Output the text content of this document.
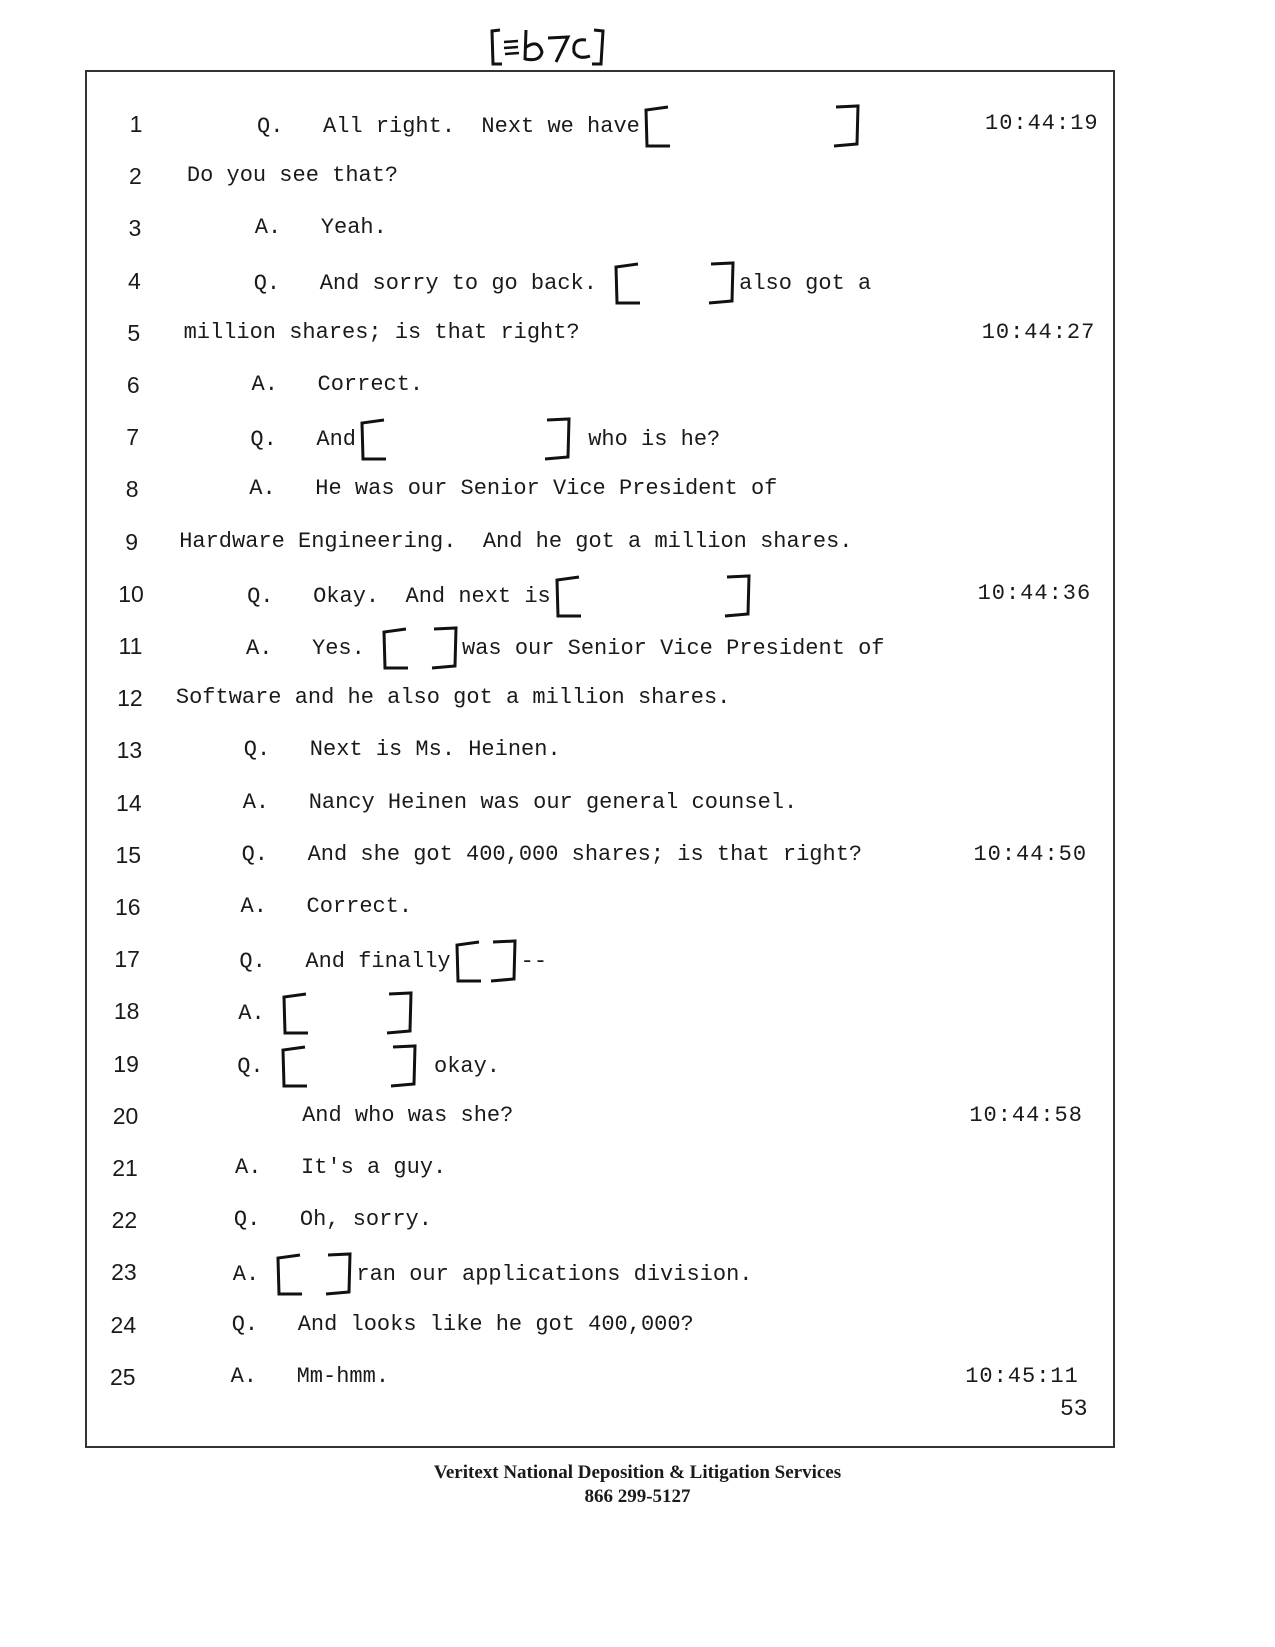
1	Q.   All right.  Next we have	10:44:19
2	Do you see that?
3	A.   Yeah.
4	Q.   And sorry to go back.	also got a
5	million shares; is that right?	10:44:27
6	A.   Correct.
7	Q.   And	who is he?
8	A.   He was our Senior Vice President of
9	Hardware Engineering.  And he got a million shares.
10	Q.   Okay.  And next is	10:44:36
11	A.   Yes.	was our Senior Vice President of
12	Software and he also got a million shares.
13	Q.   Next is Ms. Heinen.
14	A.   Nancy Heinen was our general counsel.
15	Q.   And she got 400,000 shares; is that right?	10:44:50
16	A.   Correct.
17	Q.   And finally	--
18	A.
19	Q.	okay.
20	And who was she?	10:44:58
21	A.   It's a guy.
22	Q.   Oh, sorry.
23	A.	ran our applications division.
24	Q.   And looks like he got 400,000?
25	A.   Mm-hmm.	10:45:11
53
Veritext National Deposition & Litigation Services
866 299-5127
